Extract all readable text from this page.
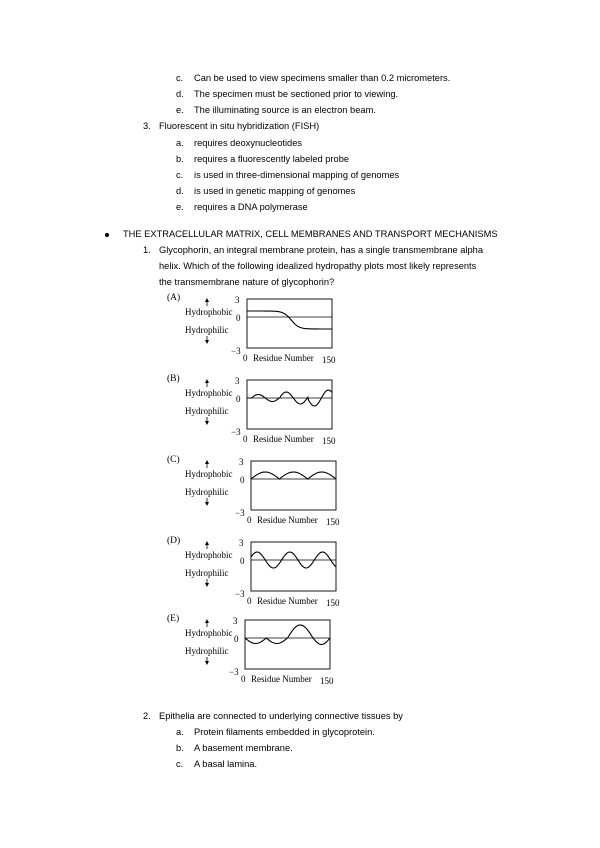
c. Can be used to view specimens smaller than 0.2 micrometers.
d. The specimen must be sectioned prior to viewing.
e. The illuminating source is an electron beam.
3. Fluorescent in situ hybridization (FISH)
a. requires deoxynucleotides
b. requires a fluorescently labeled probe
c. is used in three-dimensional mapping of genomes
d. is used in genetic mapping of genomes
e. requires a DNA polymerase
THE EXTRACELLULAR MATRIX, CELL MEMBRANES AND TRANSPORT MECHANISMS
1. Glycophorin, an integral membrane protein, has a single transmembrane alpha
helix. Which of the following idealized hydropathy plots most likely represents
the transmembrane nature of glycophorin?
(A)	3
Hydrophobic
0
Hydrophilic
−3
0 Residue Number 150
(B)	3
Hydrophobic
0
Hydrophilic
−3
0 Residue Number 150
(C)	3
Hydrophobic
0
Hydrophilic
−3
0 Residue Number 150
(D)	3
Hydrophobic
0
Hydrophilic
−3
0 Residue Number 150
(E)	3
Hydrophobic
0
Hydrophilic
−3
0 Residue Number 150
2. Epithelia are connected to underlying connective tissues by
a. Protein filaments embedded in glycoprotein.
b. A basement membrane.
c. A basal lamina.
